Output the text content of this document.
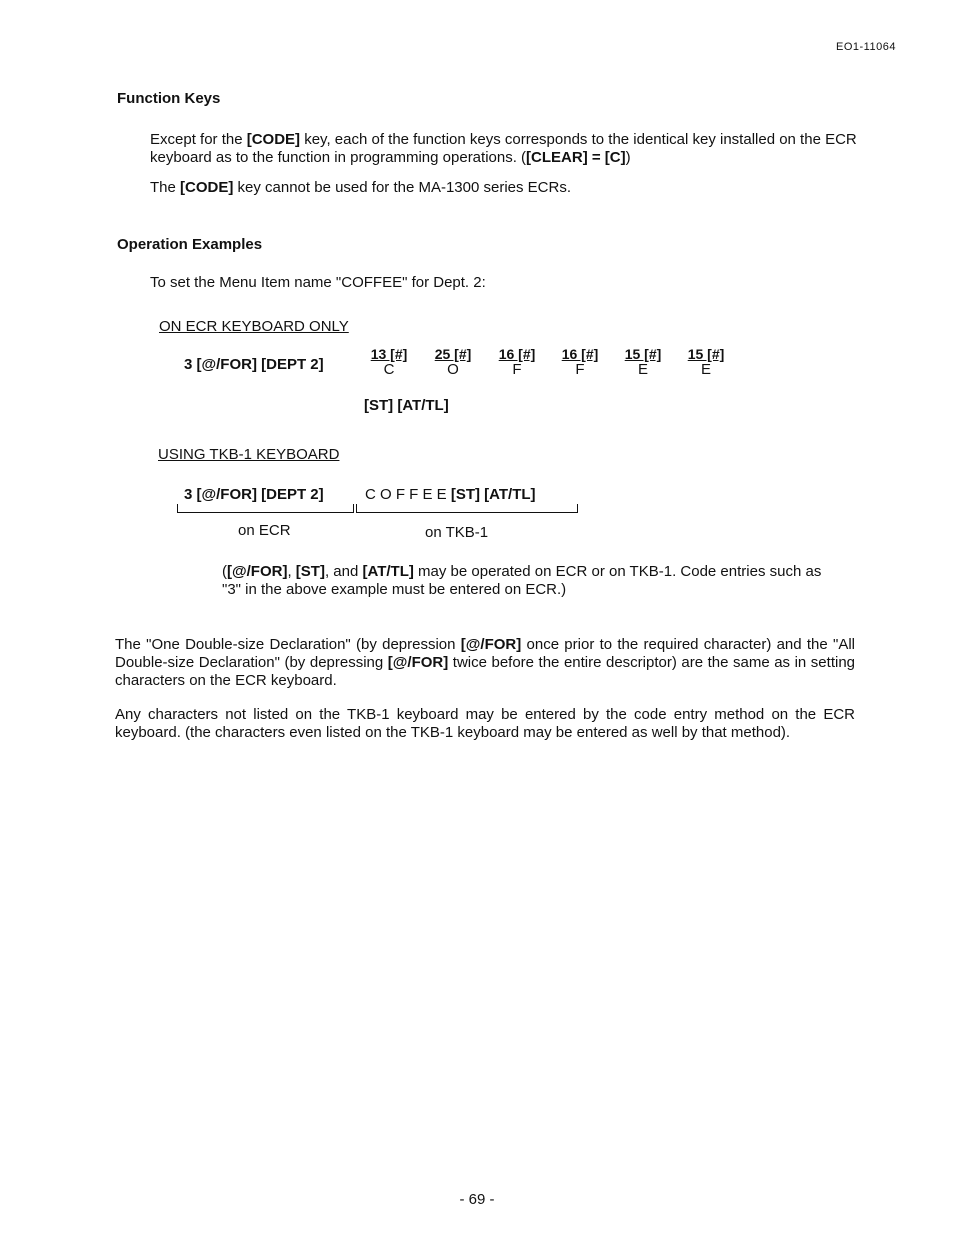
EO1-11064
Function Keys
Except for the [CODE] key, each of the function keys corresponds to the identical key installed on the ECR keyboard as to the function in programming operations. ([CLEAR] = [C])
The [CODE] key cannot be used for the MA-1300 series ECRs.
Operation Examples
To set the Menu Item name "COFFEE" for Dept. 2:
ON ECR KEYBOARD ONLY
3 [@/FOR] [DEPT 2]
13 [#]
C
25 [#]
O
16 [#]
F
16 [#]
F
15 [#]
E
15 [#]
E
[ST] [AT/TL]
USING TKB-1 KEYBOARD
3 [@/FOR] [DEPT 2]	C O F F E E [ST] [AT/TL]
on ECR	on TKB-1
([@/FOR], [ST], and [AT/TL] may be operated on ECR or on TKB-1. Code entries such as "3" in the above example must be entered on ECR.)
The "One Double-size Declaration" (by depression [@/FOR] once prior to the required character) and the "All Double-size Declaration" (by depressing [@/FOR] twice before the entire descriptor) are the same as in setting characters on the ECR keyboard.
Any characters not listed on the TKB-1 keyboard may be entered by the code entry method on the ECR keyboard. (the characters even listed on the TKB-1 keyboard may be entered as well by that method).
- 69 -
